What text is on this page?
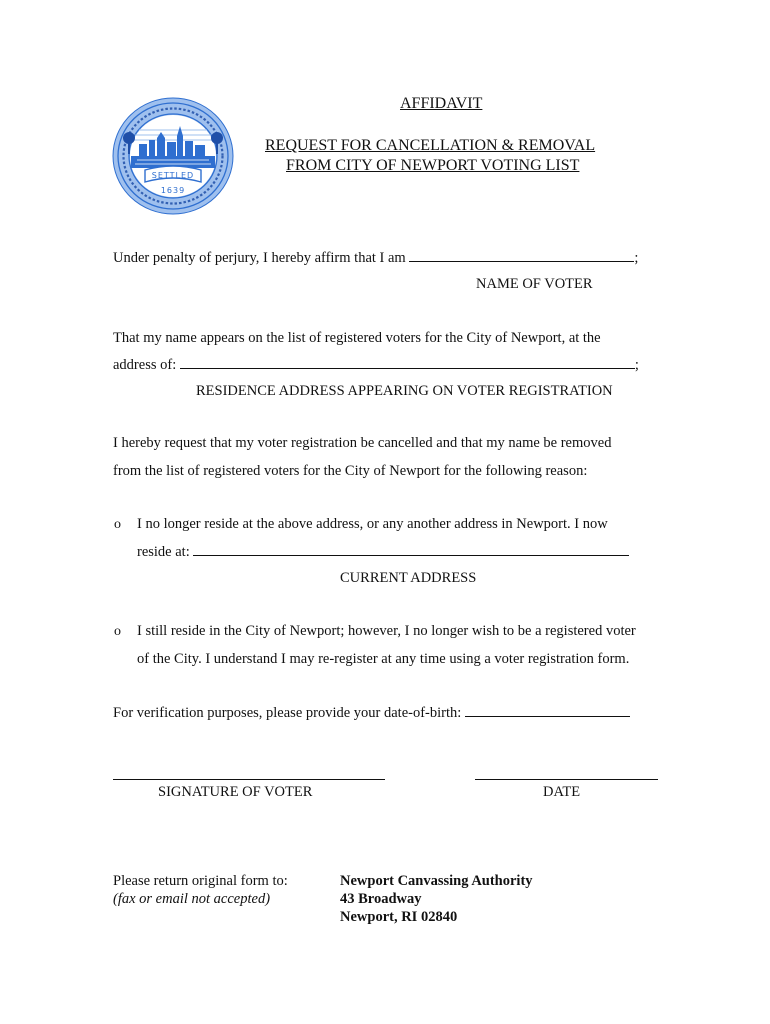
SETTLED
1639
AFFIDAVIT
REQUEST FOR CANCELLATION & REMOVAL
FROM CITY OF NEWPORT VOTING LIST
Under penalty of perjury, I hereby affirm that I am	;
NAME OF VOTER
That my name appears on the list of registered voters for the City of Newport, at the
address of:	;
RESIDENCE ADDRESS APPEARING ON VOTER REGISTRATION
I hereby request that my voter registration be cancelled and that my name be removed
from the list of registered voters for the City of Newport for the following reason:
o I no longer reside at the above address, or any another address in Newport. I now
reside at:
CURRENT ADDRESS
o I still reside in the City of Newport; however, I no longer wish to be a registered voter
of the City. I understand I may re-register at any time using a voter registration form.
For verification purposes, please provide your date-of-birth:
SIGNATURE OF VOTER	DATE
Please return original form to:
(fax or email not accepted)
Newport Canvassing Authority
43 Broadway
Newport, RI 02840
